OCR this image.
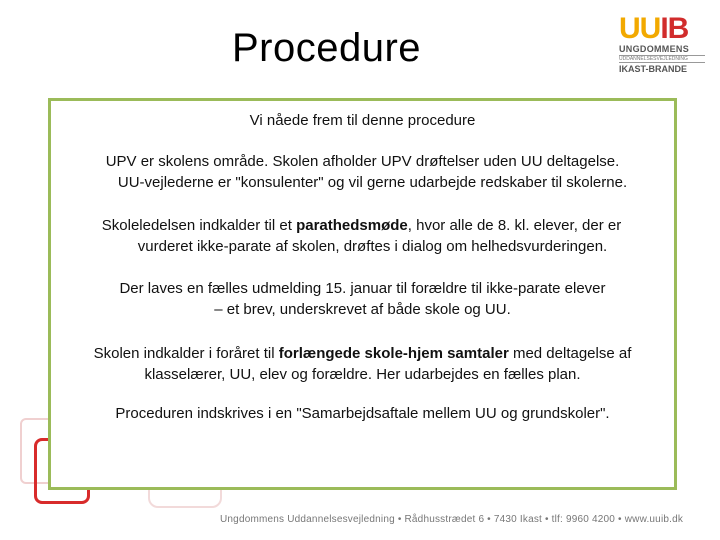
Procedure	UUIB
UNGDOMMENS
UDDANNELSESVEJLEDNING
IKAST-BRANDE
Vi nåede frem til denne procedure
UPV er skolens område. Skolen afholder UPV drøftelser uden UU deltagelse.
UU-vejlederne er "konsulenter" og vil gerne udarbejde redskaber til skolerne.
Skoleledelsen indkalder til et parathedsmøde, hvor alle de 8. kl. elever, der er
vurderet ikke-parate af skolen, drøftes i dialog om helhedsvurderingen.
Der laves en fælles udmelding 15. januar til forældre til ikke-parate elever
– et brev, underskrevet af både skole og UU.
Skolen indkalder i foråret til forlængede skole-hjem samtaler med deltagelse af
klasselærer, UU, elev og forældre. Her udarbejdes en fælles plan.
Proceduren indskrives i en "Samarbejdsaftale mellem UU og grundskoler".
Ungdommens Uddannelsesvejledning • Rådhusstrædet 6 • 7430 Ikast • tlf: 9960 4200 • www.uuib.dk
